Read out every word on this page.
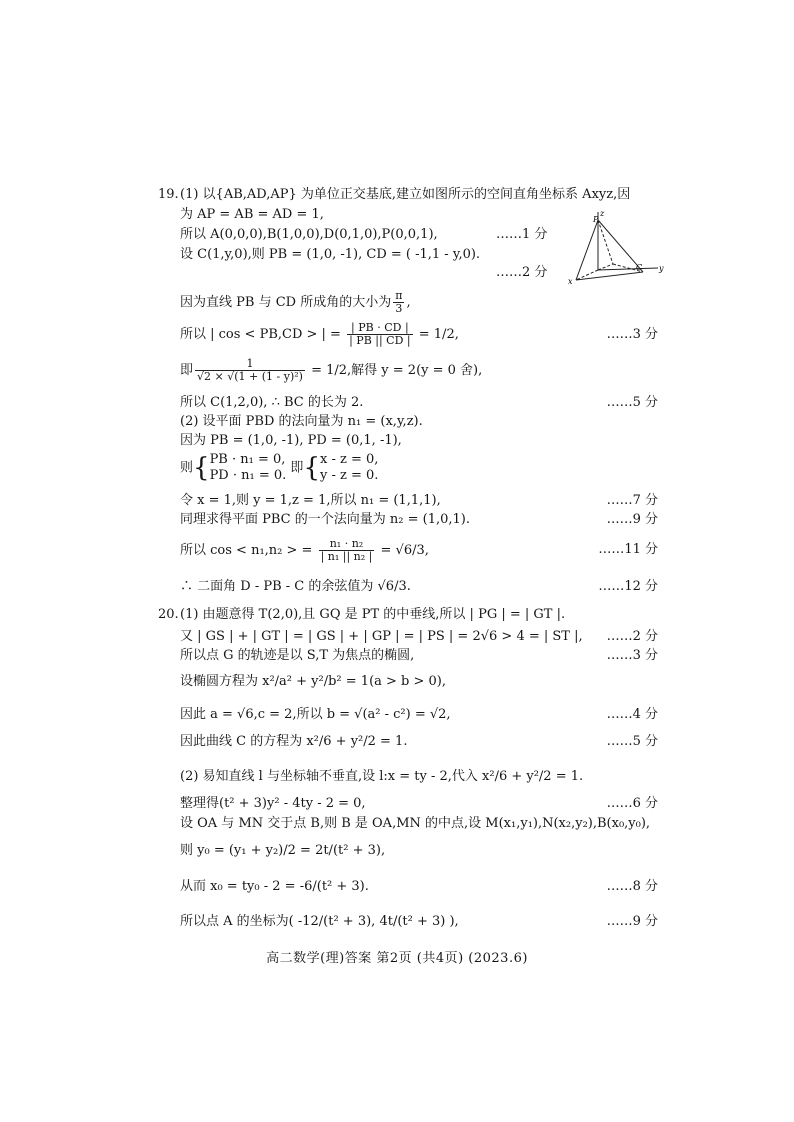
19. (1) 以{AB,AD,AP} 为单位正交基底,建立如图所示的空间直角坐标系 Axyz,因
为 AP = AB = AD = 1,
所以 A(0,0,0),B(1,0,0),D(0,1,0),P(0,0,1),	……1 分
设 C(1,y,0),则 PB = (1,0, -1), CD = ( -1,1 - y,0).
……2 分
z
P
x
y
C
因为直线 PB 与 CD 所成角的大小为 $\frac{\pi}{3}$ ,
所以 | cos < PB,CD > | = $\frac{| PB \cdot CD |}{| PB || CD |} = 1/2$,	……3 分
即 $\frac{1}{\text{√2 × √(1 + (1 - y)²)}} = 1/2$,解得 y = 2(y = 0 舍),
所以 C(1,2,0), ∴ BC 的长为 2.	……5 分
(2) 设平面 PBD 的法向量为 n₁ = (x,y,z).
因为 PB = (1,0, -1), PD = (0,1, -1),
则{ PB · n₁ = 0,
PD · n₁ = 0. 即{ x - z = 0,
y - z = 0.
令 x = 1,则 y = 1,z = 1,所以 n₁ = (1,1,1),	……7 分
同理求得平面 PBC 的一个法向量为 n₂ = (1,0,1).	……9 分
所以 cos < n₁,n₂ > = $\frac{\text{n₁ · n₂}}{\text{| n₁ || n₂ |}} = √6/3$,	……11 分
∴ 二面角 D - PB - C 的余弦值为 √6/3.	……12 分
20. (1) 由题意得 T(2,0),且 GQ 是 PT 的中垂线,所以 | PG | = | GT |.
又 | GS | + | GT | = | GS | + | GP | = | PS | = 2√6 > 4 = | ST |, ……2 分
所以点 G 的轨迹是以 S,T 为焦点的椭圆,	……3 分
设椭圆方程为 x²/a² + y²/b² = 1(a > b > 0),
因此 a = √6,c = 2,所以 b = √(a² - c²) = √2,	……4 分
因此曲线 C 的方程为 x²/6 + y²/2 = 1.	……5 分
(2) 易知直线 l 与坐标轴不垂直,设 l:x = ty - 2,代入 x²/6 + y²/2 = 1.
整理得(t² + 3)y² - 4ty - 2 = 0,	……6 分
设 OA 与 MN 交于点 B,则 B 是 OA,MN 的中点,设 M(x₁,y₁),N(x₂,y₂),B(x₀,y₀),
则 y₀ = (y₁ + y₂)/2 = 2t/(t² + 3),
从而 x₀ = ty₀ - 2 = -6/(t² + 3).	……8 分
所以点 A 的坐标为( -12/(t² + 3), 4t/(t² + 3) ),	……9 分
高二数学(理)答案 第2页 (共4页) (2023.6)
